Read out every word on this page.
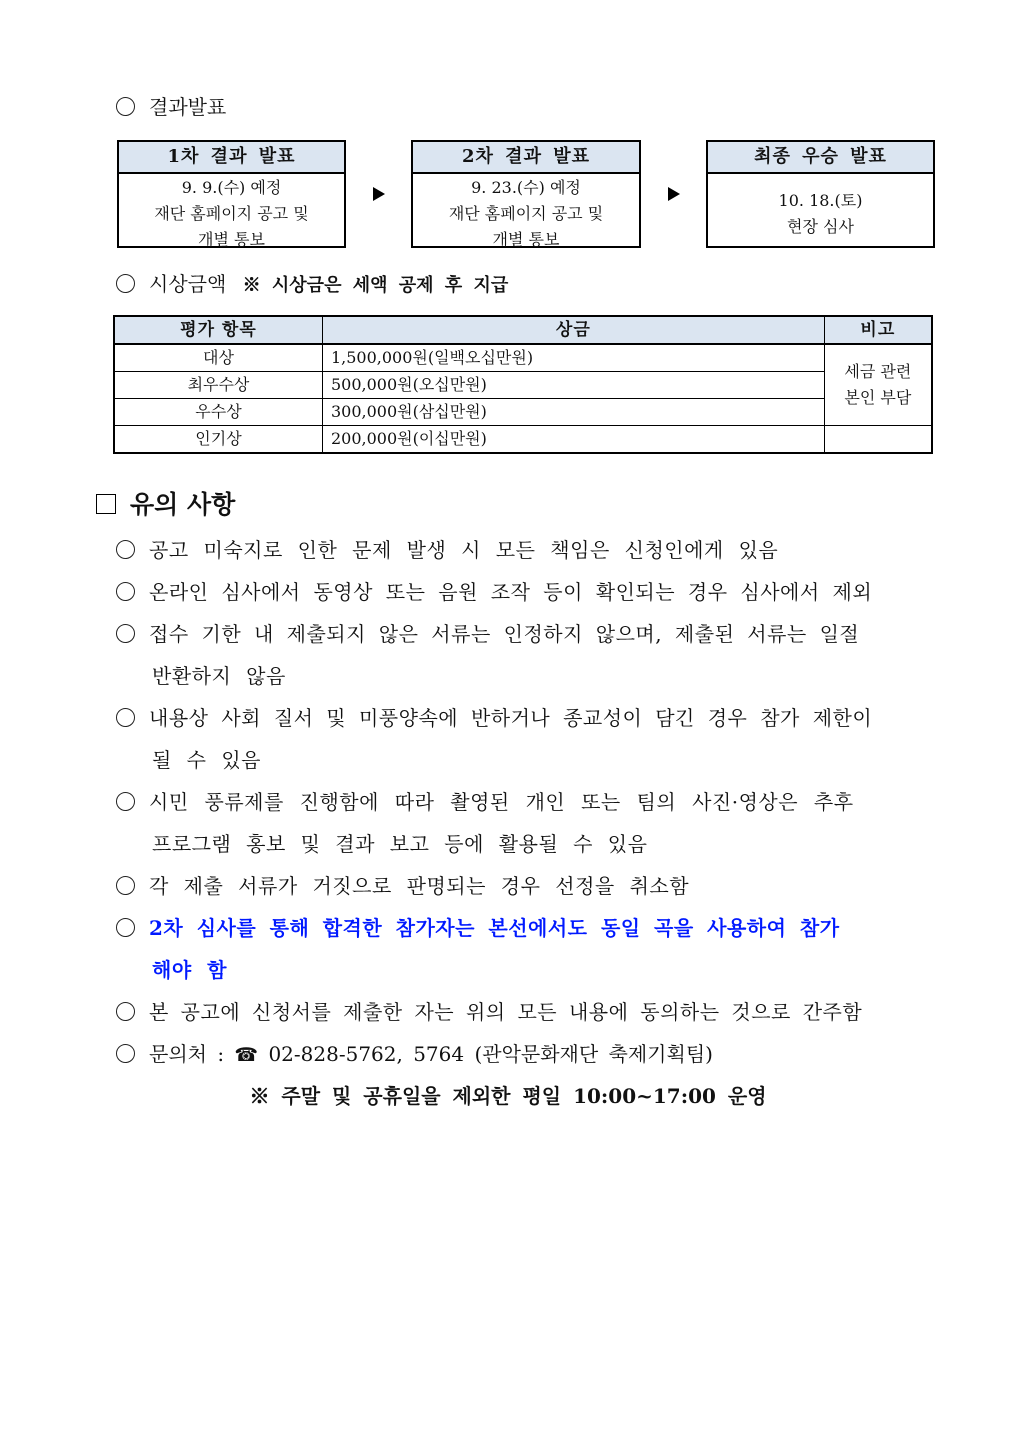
결과발표
1차 결과 발표
9. 9.(수) 예정
재단 홈페이지 공고 및
개별 통보
2차 결과 발표
9. 23.(수) 예정
재단 홈페이지 공고 및
개별 통보
최종 우승 발표
10. 18.(토)
현장 심사
시상금액 ※ 시상금은 세액 공제 후 지급
평가 항목	상금	비고
대상	1,500,000원(일백오십만원)	세금 관련
본인 부담

최우수상	500,000원(오십만원)	
우수상	300,000원(삼십만원)	
인기상	200,000원(이십만원)	
유의 사항
공고 미숙지로 인한 문제 발생 시 모든 책임은 신청인에게 있음
온라인 심사에서 동영상 또는 음원 조작 등이 확인되는 경우 심사에서 제외
접수 기한 내 제출되지 않은 서류는 인정하지 않으며, 제출된 서류는 일절
반환하지 않음
내용상 사회 질서 및 미풍양속에 반하거나 종교성이 담긴 경우 참가 제한이
될 수 있음
시민 풍류제를 진행함에 따라 촬영된 개인 또는 팀의 사진·영상은 추후
프로그램 홍보 및 결과 보고 등에 활용될 수 있음
각 제출 서류가 거짓으로 판명되는 경우 선정을 취소함
2차 심사를 통해 합격한 참가자는 본선에서도 동일 곡을 사용하여 참가
해야 함
본 공고에 신청서를 제출한 자는 위의 모든 내용에 동의하는 것으로 간주함
문의처 : ☎ 02-828-5762, 5764 (관악문화재단 축제기획팀)
※ 주말 및 공휴일을 제외한 평일 10:00~17:00 운영
